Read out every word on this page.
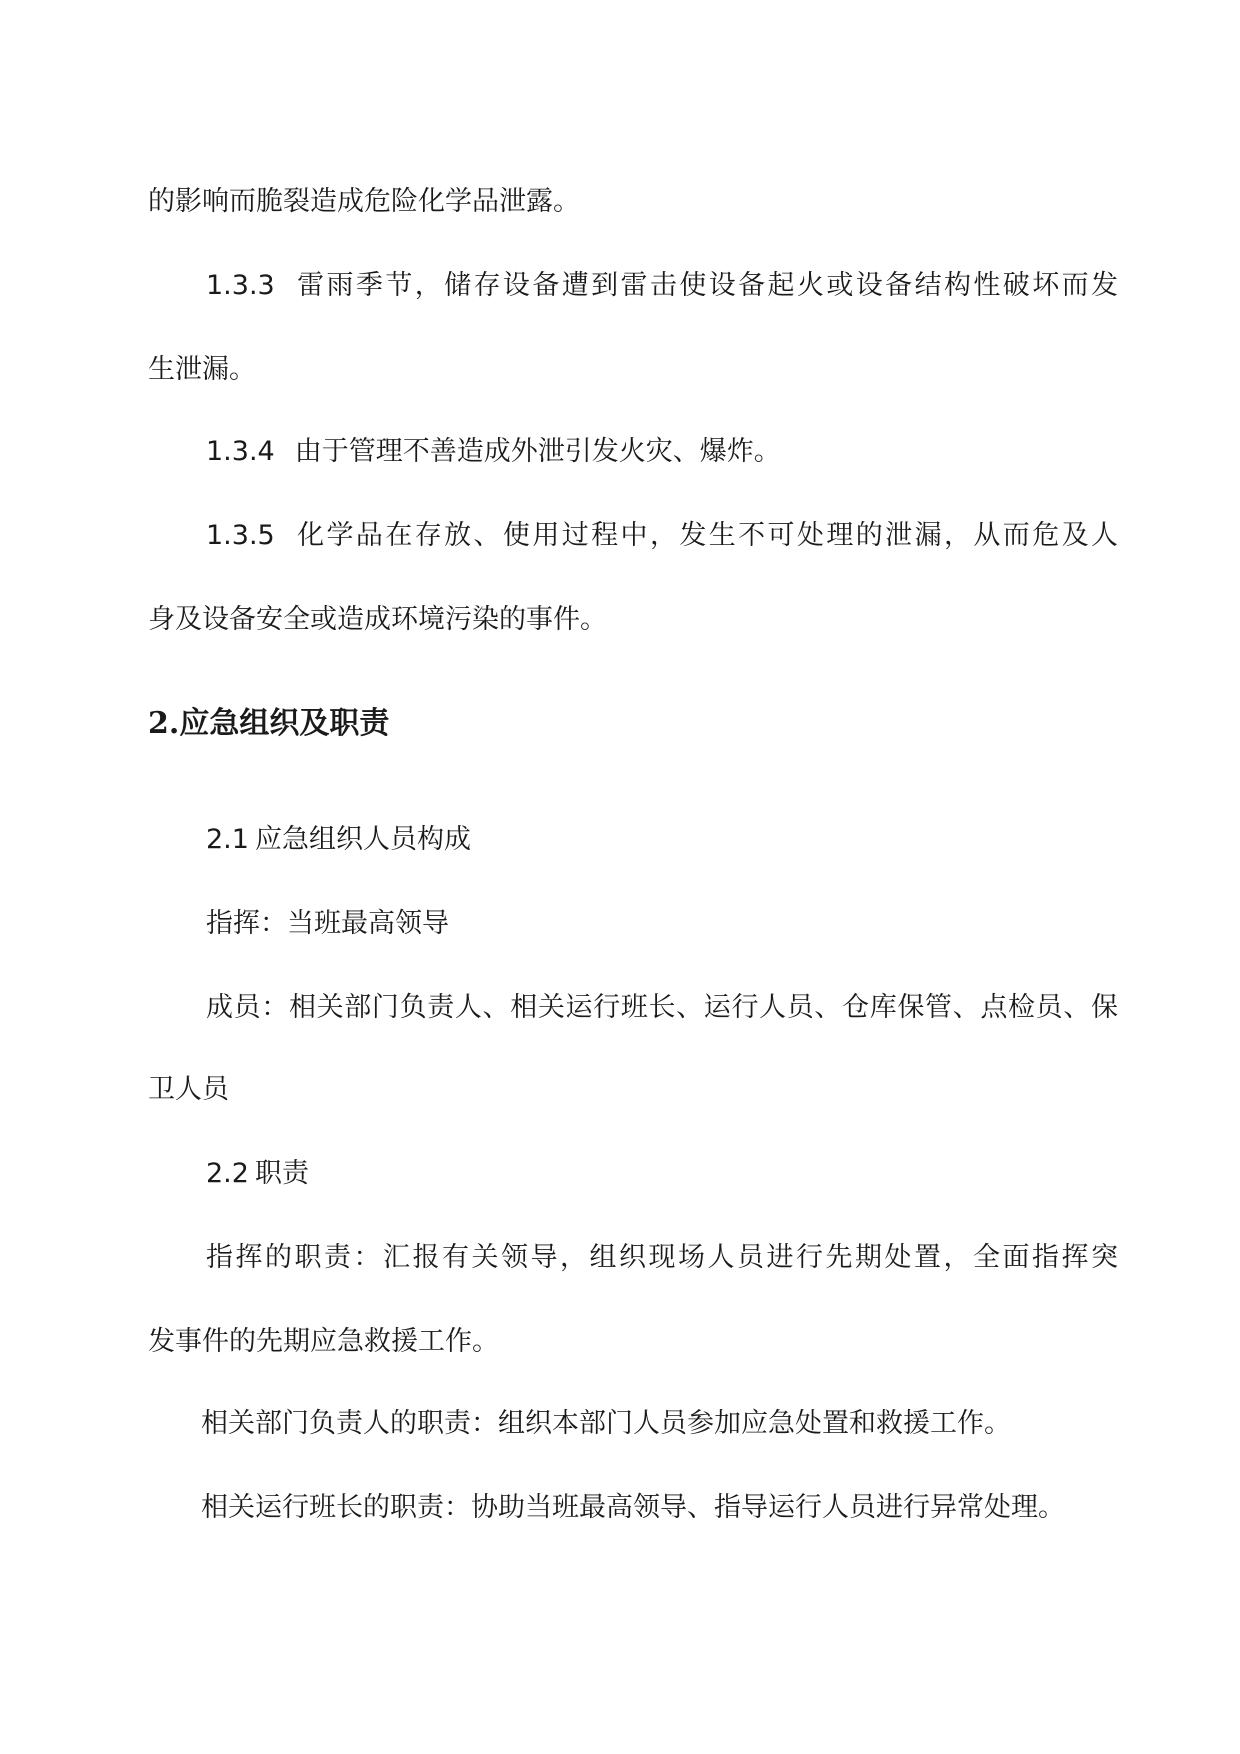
的影响而脆裂造成危险化学品泄露。
1.3.3 雷雨季节，储存设备遭到雷击使设备起火或设备结构性破坏而发
生泄漏。
1.3.4 由于管理不善造成外泄引发火灾、爆炸。
1.3.5 化学品在存放、使用过程中，发生不可处理的泄漏，从而危及人
身及设备安全或造成环境污染的事件。
2.应急组织及职责
2.1 应急组织人员构成
指挥：当班最高领导
成员：相关部门负责人、相关运行班长、运行人员、仓库保管、点检员、保
卫人员
2.2 职责
指挥的职责：汇报有关领导，组织现场人员进行先期处置，全面指挥突
发事件的先期应急救援工作。
相关部门负责人的职责：组织本部门人员参加应急处置和救援工作。
相关运行班长的职责：协助当班最高领导、指导运行人员进行异常处理。
